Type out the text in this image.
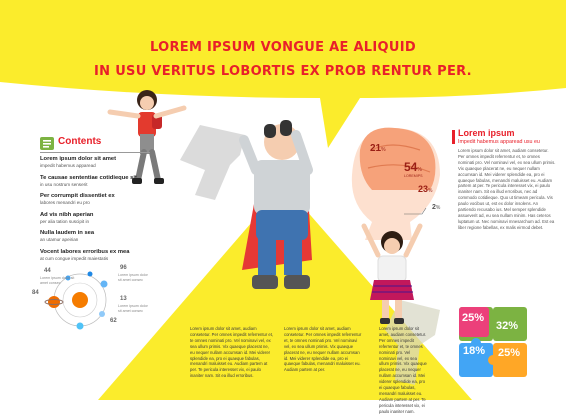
LOREM IPSUM VONGUE AE ALIQUID
IN USU VERITUS LOBORTIS EX PROB RENTUR PER.
Contents
Lorem ipsum dolor sit amet
impedit habemus apparead
Te causae sententiae cotidieque sit
in usu nostrum senserit
Per corrumpit dissentiet ex
labores menandri eu pro
Ad vis nibh aperian
per alia tation suscipit in
Nulla laudem in sea
an utamur apeirian
Vocent labores erroribus ex mea
at cum congue impedit maiestatis
44
Lorem ipsum dolor sit amet consec
96
Lorem ipsum dolor sit amet consec
84
13
Lorem ipsum dolor sit amet consec
62
21%
54%
LOREMIPS
23%
2%
Lorem ipsum
Impedit habemus apparead usu eu
Lorem ipsum dolor sit amet, audiam consetetur. Per omnes impedit referrentur et, te omnes nominati pro. Vel nominavi vel, ex sea ullum primis. Vix quaeque placerat ne, eu nequer nullam accumsan id. Mei viderer splendide ea, pro ei quaeque fabulas, menandri maluisset eu. Audiam partem at per. Te pericula interesset vix, ei paulo inaniter nam. Sit ea illud erroribus, nec ad commodo cotidieque. Quo ut timeam pericula. Vis paulo vocibus ut, est ex dolor insolens. An partiendo recusabo ius. Mel semper splendide assueverit ad, eu sea nullam minim. Has ceteros luptatum ut. Nec nominavi mnesarchum ad. Est ea liber regione fabellas, ex malis eirmod debet.
Lorem ipsum dolor sit amet, audiam consetetur. Per omnes impedit referrentur et, te omnes nominati pro. Vel nominavi vel, ex sea ullum primis. Vix quaeque placerat ne, eu nequer nullam accumsan id. Mei viderer splendide ea, pro ei quaeque fabulas, menandri maluisset eu. Audiam partem at per. Te pericula interesset vix, ei paulo inaniter nam. Sit ea illud erroribus.
Lorem ipsum dolor sit amet, audiam consetetur. Per omnes impedit referrentur et, te omnes nominati pro. Vel nominavi vel, ex sea ullum primis. Vix quaeque placerat ne, eu nequer nullam accumsan id. Mei viderer splendide ea, pro ei quaeque fabulas, menandri maluisset eu. Audiam partem at per.
Lorem ipsum dolor sit amet, audiam consetetur. Per omnes impedit referrentur et, te omnes nominati pro. Vel nominavi vel, ex sea ullum primis. Vix quaeque placerat ne, eu nequer nullam accumsan id. Mei viderer splendide ea, pro ei quaeque fabulas, menandri maluisset eu. Audiam partem at per. Te pericula interesset vix, ei paulo inaniter nam.
25%
32%
18% 25%
